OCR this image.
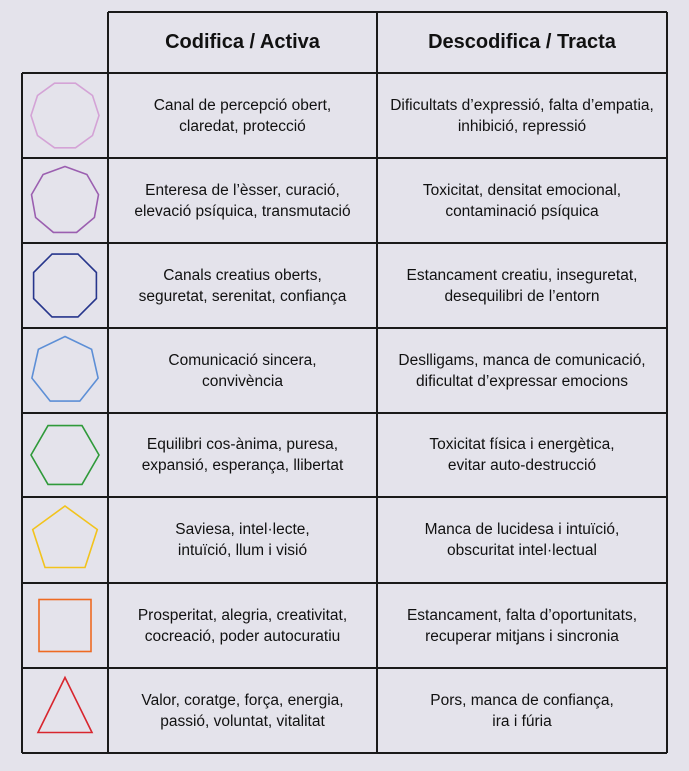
Codifica / Activa	Descodifica / Tracta
Canal de percepció obert,
claredat, protecció
Dificultats d’expressió, falta d’empatia,
inhibició, repressió
Enteresa de l’èsser, curació,
elevació psíquica, transmutació
Toxicitat, densitat emocional,
contaminació psíquica
Canals creatius oberts,
seguretat, serenitat, confiança
Estancament creatiu, inseguretat,
desequilibri de l’entorn
Comunicació sincera,
convivència
Deslligams, manca de comunicació,
dificultat d’expressar emocions
Equilibri cos-ànima, puresa,
expansió, esperança, llibertat
Toxicitat física i energètica,
evitar auto-destrucció
Saviesa, intel·lecte,
intuïció, llum i visió
Manca de lucidesa i intuïció,
obscuritat intel·lectual
Prosperitat, alegria, creativitat,
cocreació, poder autocuratiu
Estancament, falta d’oportunitats,
recuperar mitjans i sincronia
Valor, coratge, força, energia,
passió, voluntat, vitalitat
Pors, manca de confiança,
ira i fúria
